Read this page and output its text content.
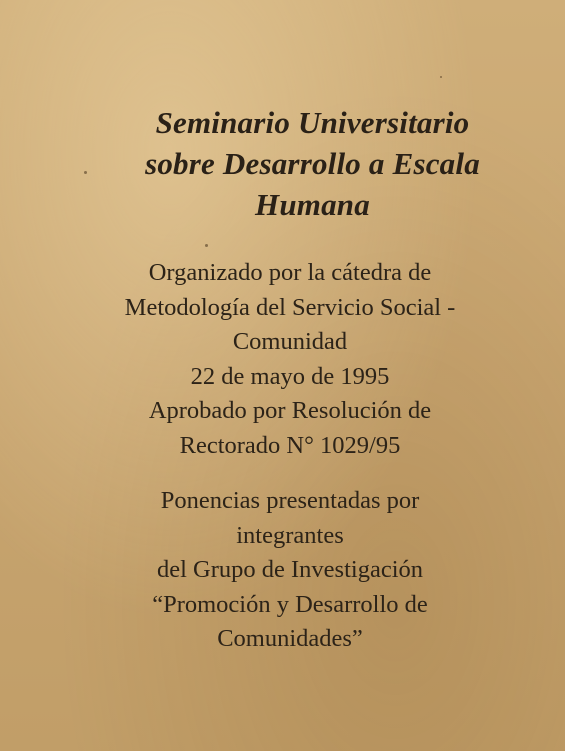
Seminario Universitario
sobre Desarrollo a Escala
Humana
Organizado por la cátedra de
Metodología del Servicio Social -
Comunidad
22 de mayo de 1995
Aprobado por Resolución de
Rectorado N° 1029/95
Ponencias presentadas por
integrantes
del Grupo de Investigación
“Promoción y Desarrollo de
Comunidades”
